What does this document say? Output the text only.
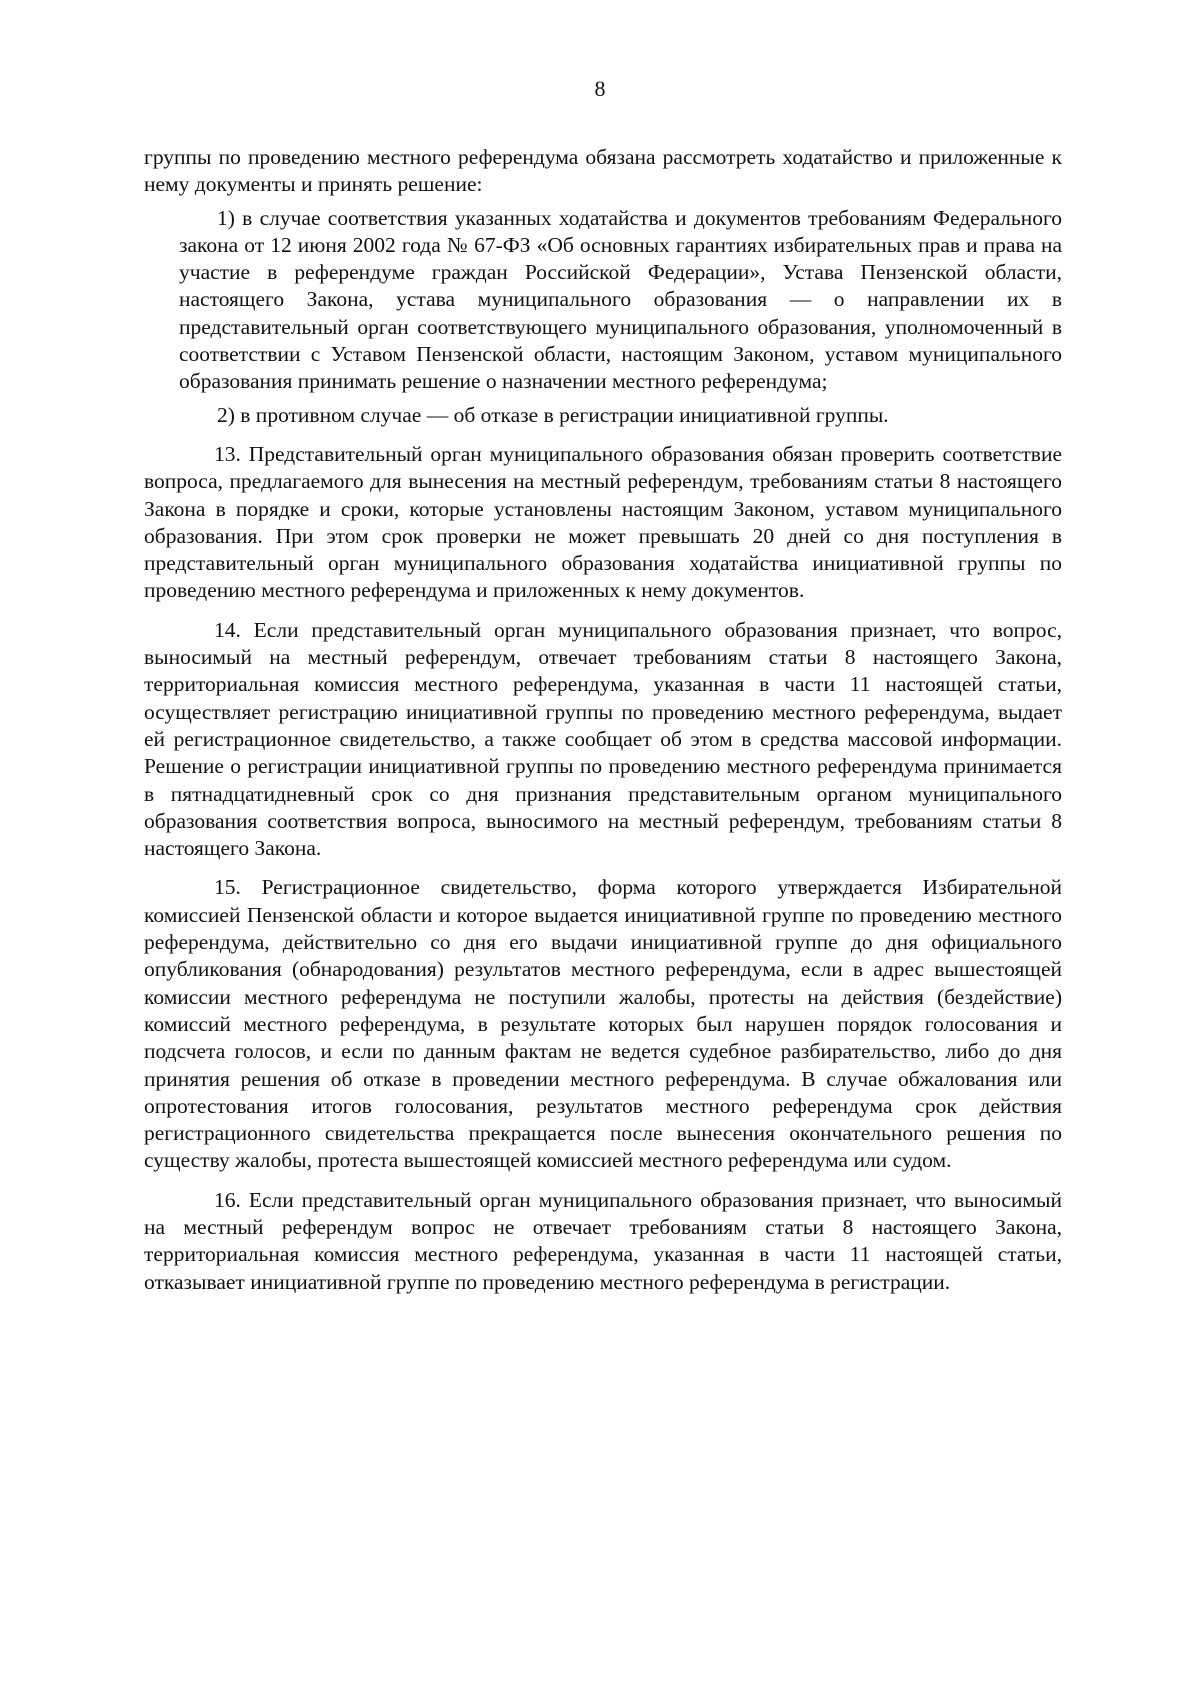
8

группы по проведению местного референдума обязана рассмотреть ходатайство и приложенные к нему документы и принять решение:

1) в случае соответствия указанных ходатайства и документов требованиям Федерального закона от 12 июня 2002 года № 67-ФЗ «Об основных гарантиях избирательных прав и права на участие в референдуме граждан Российской Федерации», Устава Пензенской области, настоящего Закона, устава муниципального образования — о направлении их в представительный орган соответствующего муниципального образования, уполномоченный в соответствии с Уставом Пензенской области, настоящим Законом, уставом муниципального образования принимать решение о назначении местного референдума;

2) в противном случае — об отказе в регистрации инициативной группы.

13. Представительный орган муниципального образования обязан проверить соответствие вопроса, предлагаемого для вынесения на местный референдум, требованиям статьи 8 настоящего Закона в порядке и сроки, которые установлены настоящим Законом, уставом муниципального образования. При этом срок проверки не может превышать 20 дней со дня поступления в представительный орган муниципального образования ходатайства инициативной группы по проведению местного референдума и приложенных к нему документов.

14. Если представительный орган муниципального образования признает, что вопрос, выносимый на местный референдум, отвечает требованиям статьи 8 настоящего Закона, территориальная комиссия местного референдума, указанная в части 11 настоящей статьи, осуществляет регистрацию инициативной группы по проведению местного референдума, выдает ей регистрационное свидетельство, а также сообщает об этом в средства массовой информации. Решение о регистрации инициативной группы по проведению местного референдума принимается в пятнадцатидневный срок со дня признания представительным органом муниципального образования соответствия вопроса, выносимого на местный референдум, требованиям статьи 8 настоящего Закона.

15. Регистрационное свидетельство, форма которого утверждается Избирательной комиссией Пензенской области и которое выдается инициативной группе по проведению местного референдума, действительно со дня его выдачи инициативной группе до дня официального опубликования (обнародования) результатов местного референдума, если в адрес вышестоящей комиссии местного референдума не поступили жалобы, протесты на действия (бездействие) комиссий местного референдума, в результате которых был нарушен порядок голосования и подсчета голосов, и если по данным фактам не ведется судебное разбирательство, либо до дня принятия решения об отказе в проведении местного референдума. В случае обжалования или опротестования итогов голосования, результатов местного референдума срок действия регистрационного свидетельства прекращается после вынесения окончательного решения по существу жалобы, протеста вышестоящей комиссией местного референдума или судом.

16. Если представительный орган муниципального образования признает, что выносимый на местный референдум вопрос не отвечает требованиям статьи 8 настоящего Закона, территориальная комиссия местного референдума, указанная в части 11 настоящей статьи, отказывает инициативной группе по проведению местного референдума в регистрации.
